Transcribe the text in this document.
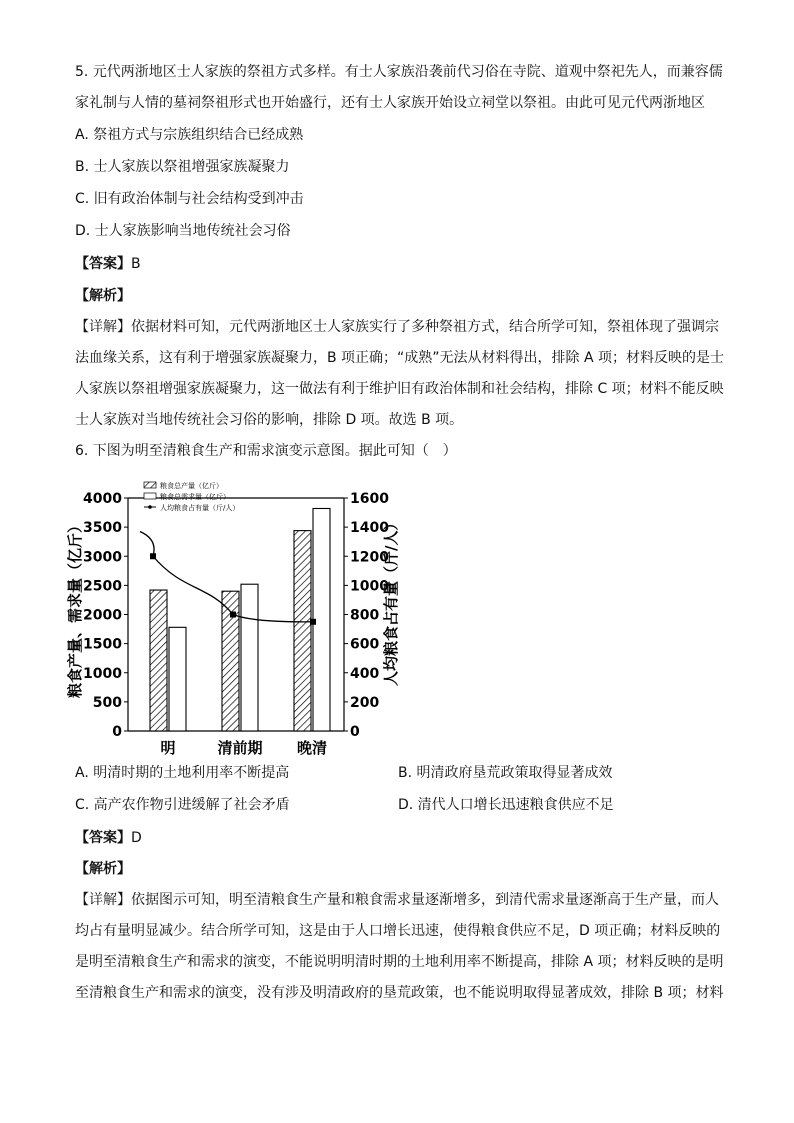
5. 元代两浙地区士人家族的祭祖方式多样。有士人家族沿袭前代习俗在寺院、道观中祭祀先人，而兼容儒
家礼制与人情的墓祠祭祖形式也开始盛行，还有士人家族开始设立祠堂以祭祖。由此可见元代两浙地区
A. 祭祖方式与宗族组织结合已经成熟
B. 士人家族以祭祖增强家族凝聚力
C. 旧有政治体制与社会结构受到冲击
D. 士人家族影响当地传统社会习俗
【答案】B
【解析】
【详解】依据材料可知，元代两浙地区士人家族实行了多种祭祖方式，结合所学可知，祭祖体现了强调宗
法血缘关系，这有利于增强家族凝聚力，B 项正确；“成熟”无法从材料得出，排除 A 项；材料反映的是士
人家族以祭祖增强家族凝聚力，这一做法有利于维护旧有政治体制和社会结构，排除 C 项；材料不能反映
士人家族对当地传统社会习俗的影响，排除 D 项。故选 B 项。
6. 下图为明至清粮食生产和需求演变示意图。据此可知（　）
0
500
1000
1500
2000
2500
3000
3500
4000
0
200
400
600
800
1000
1200
1400
1600
明	清前期 晚清
粮食总产量（亿斤）
粮食总需求量（亿斤）
人均粮食占有量（斤/人）
粮食产量、需求量（亿斤）	人均粮食占有量（斤/人）
A. 明清时期的土地利用率不断提高	B. 明清政府垦荒政策取得显著成效
C. 高产农作物引进缓解了社会矛盾	D. 清代人口增长迅速粮食供应不足
【答案】D
【解析】
【详解】依据图示可知，明至清粮食生产量和粮食需求量逐渐增多，到清代需求量逐渐高于生产量，而人
均占有量明显减少。结合所学可知，这是由于人口增长迅速，使得粮食供应不足，D 项正确；材料反映的
是明至清粮食生产和需求的演变，不能说明明清时期的土地利用率不断提高，排除 A 项；材料反映的是明
至清粮食生产和需求的演变，没有涉及明清政府的垦荒政策，也不能说明取得显著成效，排除 B 项；材料
